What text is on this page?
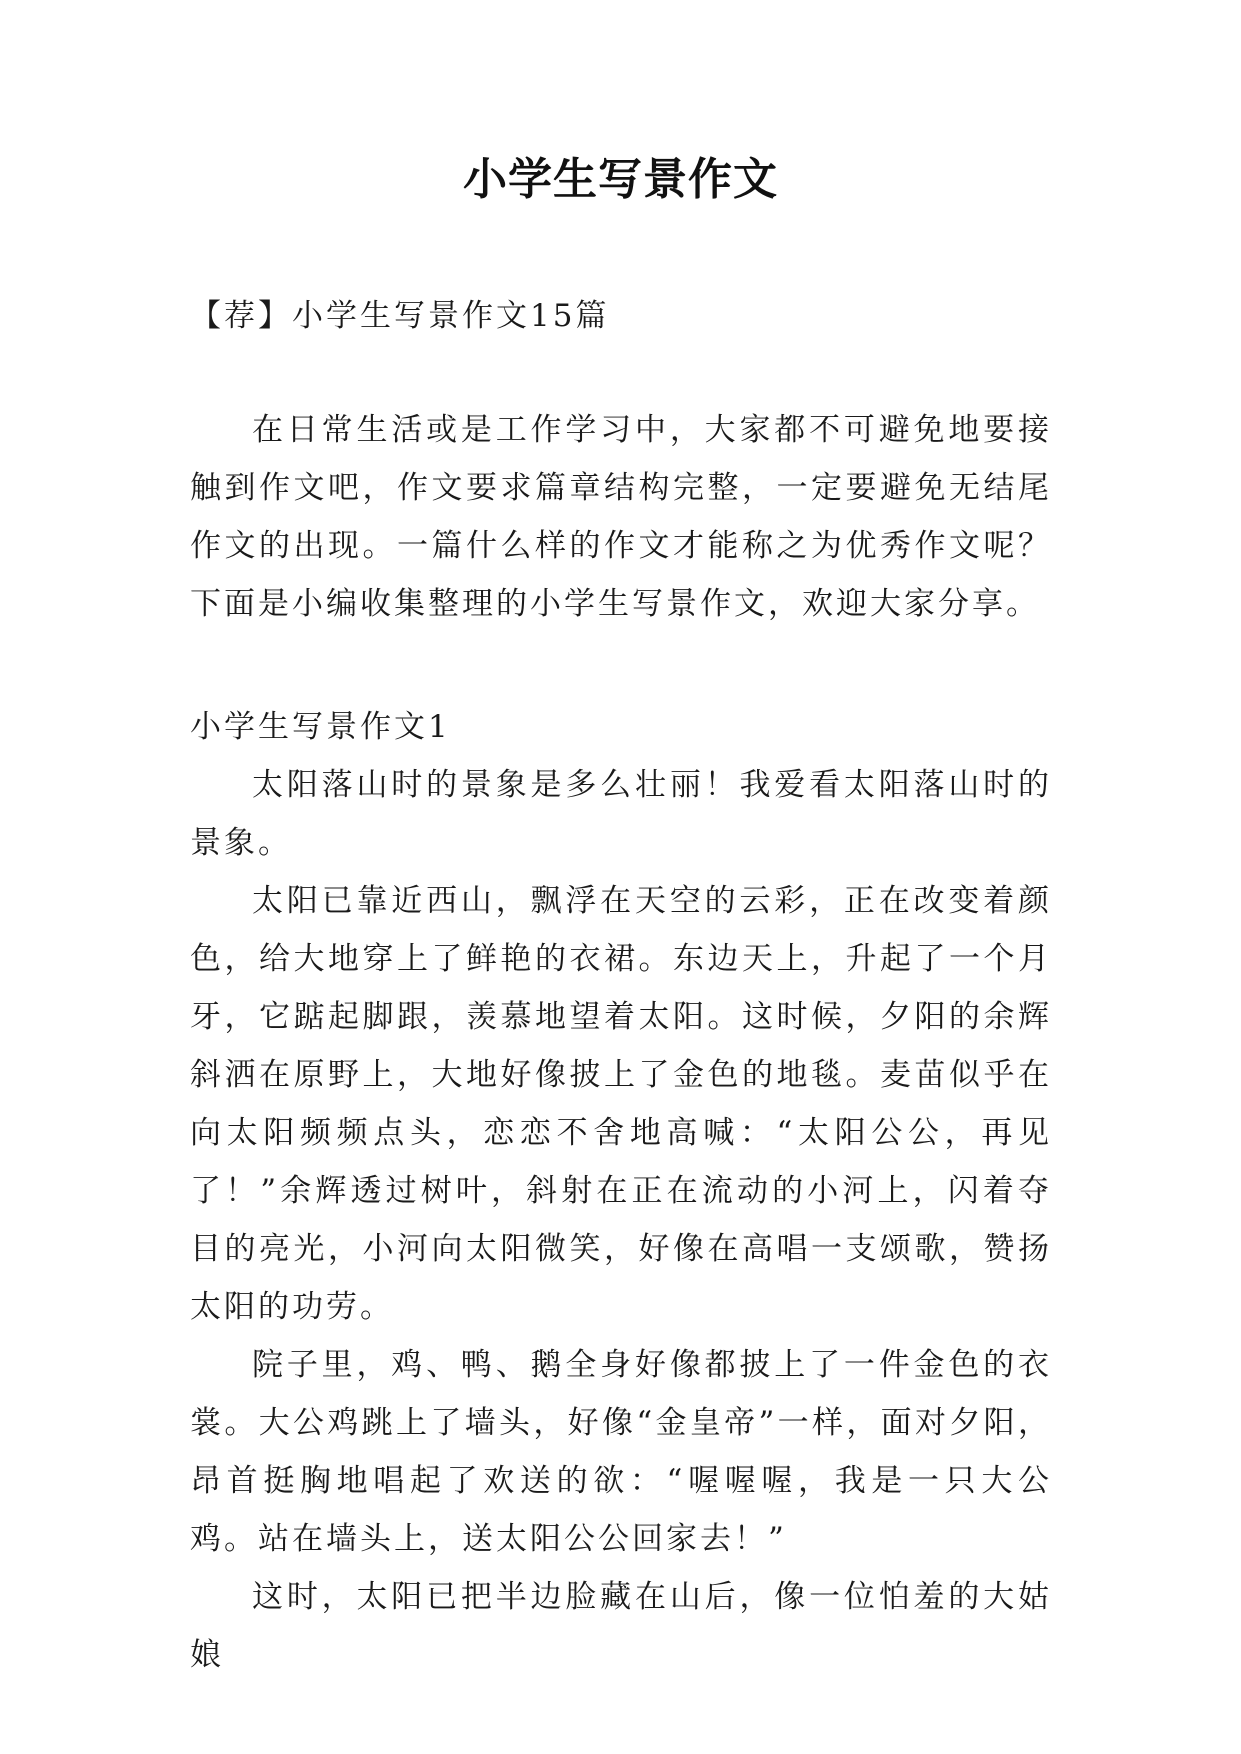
小学生写景作文
【荐】小学生写景作文15篇

在日常生活或是工作学习中，大家都不可避免地要接触到作文吧，作文要求篇章结构完整，一定要避免无结尾作文的出现。一篇什么样的作文才能称之为优秀作文呢？下面是小编收集整理的小学生写景作文，欢迎大家分享。

小学生写景作文1

太阳落山时的景象是多么壮丽！我爱看太阳落山时的景象。

太阳已靠近西山，飘浮在天空的云彩，正在改变着颜色，给大地穿上了鲜艳的衣裙。东边天上，升起了一个月牙，它踮起脚跟，羡慕地望着太阳。这时候，夕阳的余辉斜洒在原野上，大地好像披上了金色的地毯。麦苗似乎在向太阳频频点头，恋恋不舍地高喊：“太阳公公，再见了！”余辉透过树叶，斜射在正在流动的小河上，闪着夺目的亮光，小河向太阳微笑，好像在高唱一支颂歌，赞扬太阳的功劳。

院子里，鸡、鸭、鹅全身好像都披上了一件金色的衣裳。大公鸡跳上了墙头，好像“金皇帝”一样，面对夕阳，昂首挺胸地唱起了欢送的欲：“喔喔喔，我是一只大公鸡。站在墙头上，送太阳公公回家去！”

这时，太阳已把半边脸藏在山后，像一位怕羞的大姑娘
